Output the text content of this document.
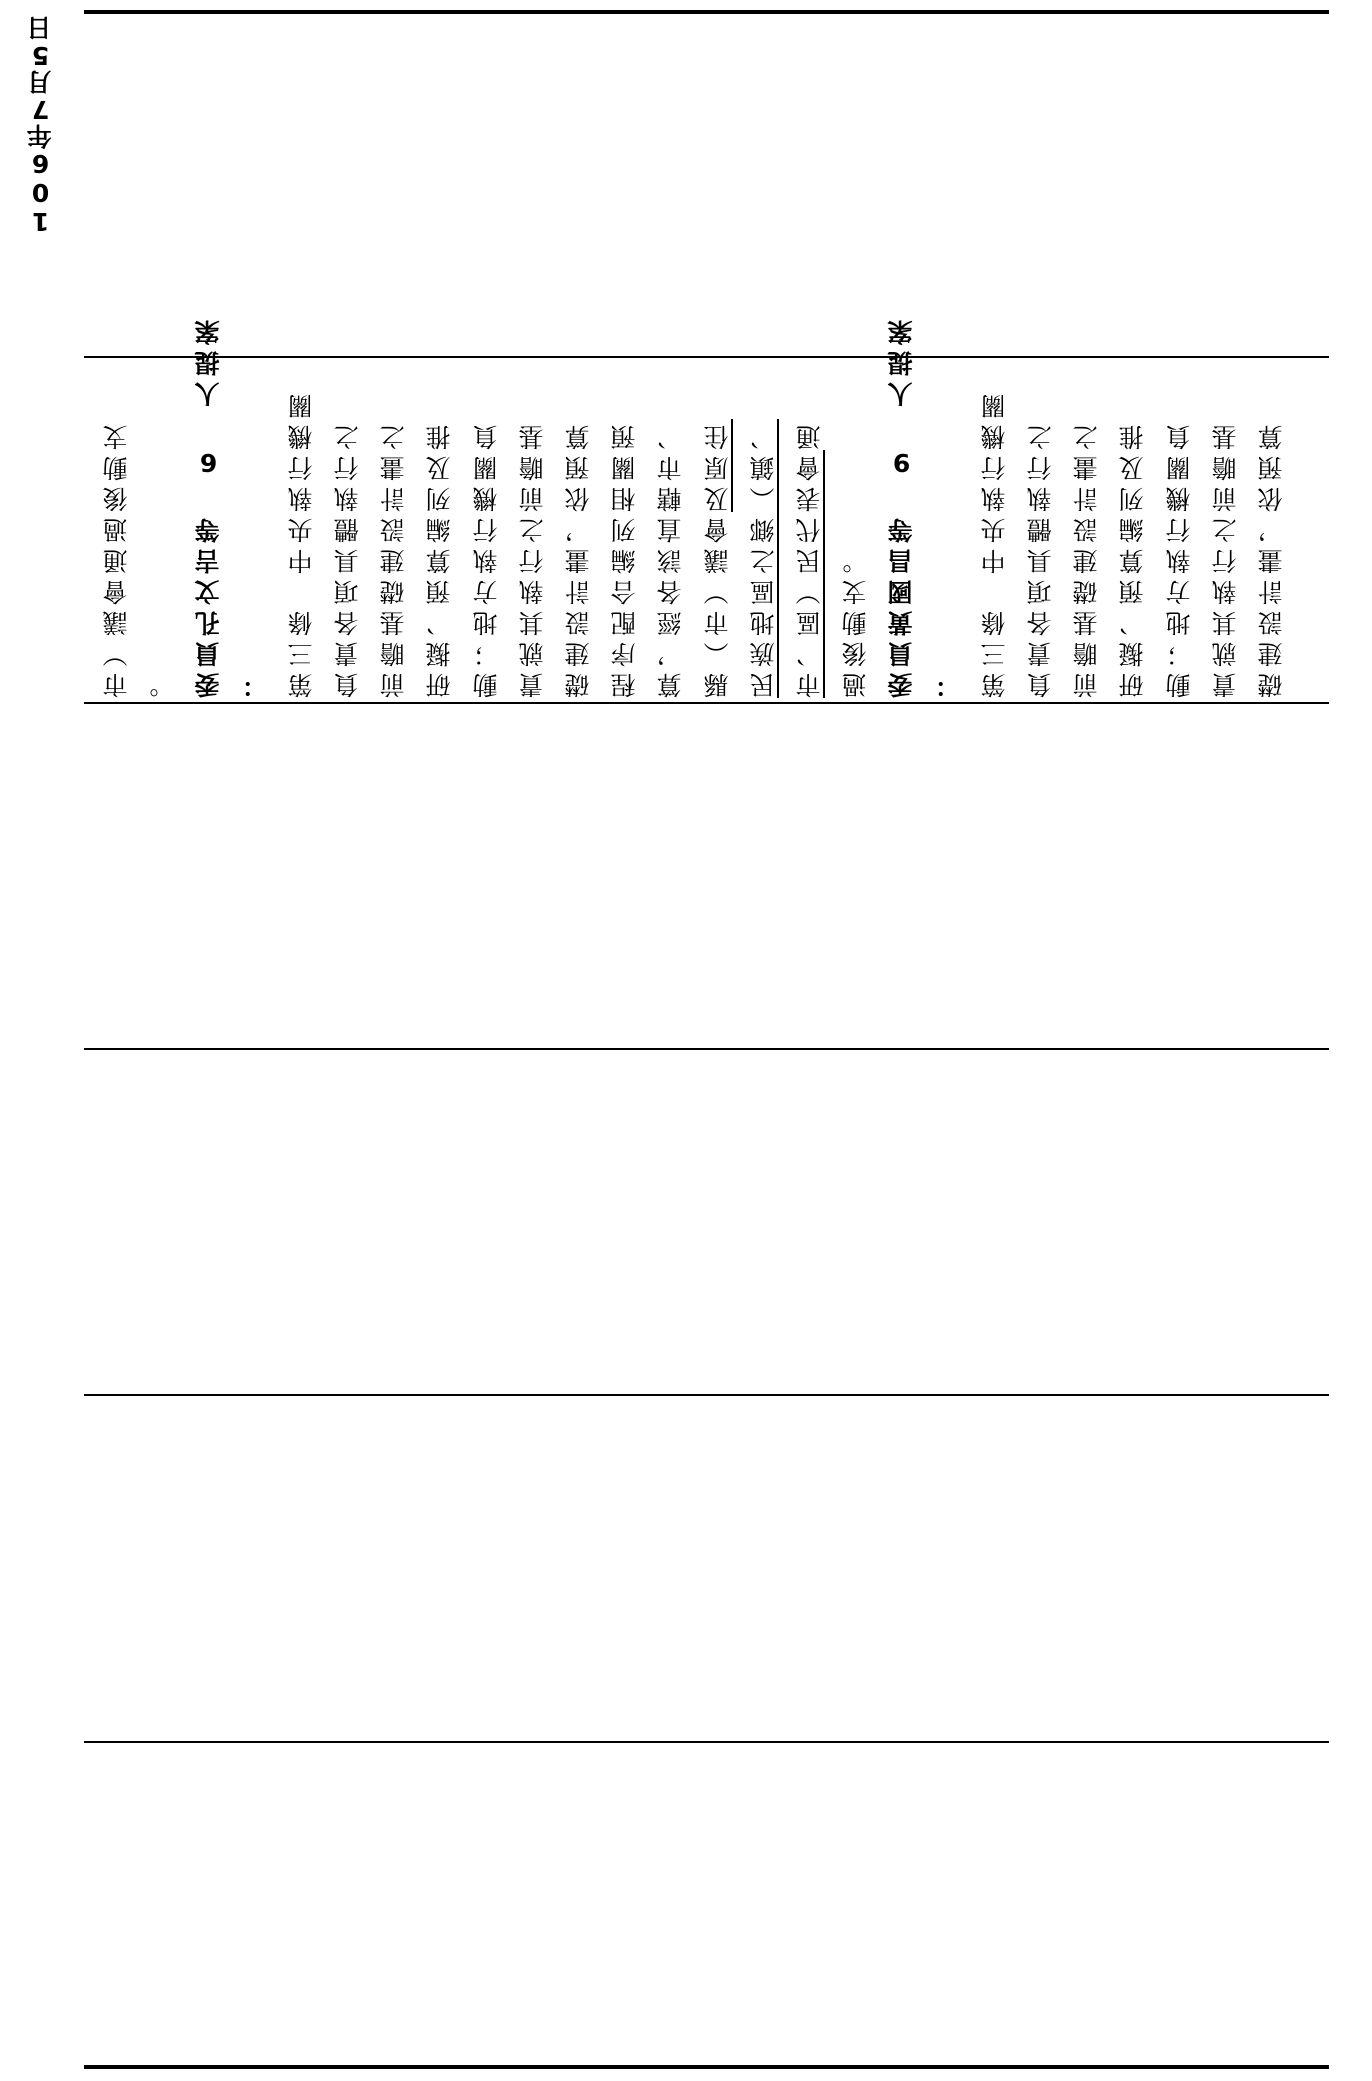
106年7月5日
市）議會通過後動支 。 委員孔文吉等 6 人提案 ： 第三條　中央執行機關 負責各項具體執行之 前瞻基礎建設計畫之 研擬、預算編列及推 動；地方執行機關負 責就其執行之前瞻基 礎建設計畫，依預算 程序配合編列相關預 算，經各該直轄市、 縣（市）議會及原住 民族地區之鄉（鎮、 市、區）民代表會通
過後動支。 委員黃國昌等 9 人提案 ： 第三條　中央執行機關 負責各項具體執行之 前瞻基礎建設計畫之 研擬、預算編列及推 動；地方執行機關負 責就其執行之前瞻基 礎建設計畫，依預算
